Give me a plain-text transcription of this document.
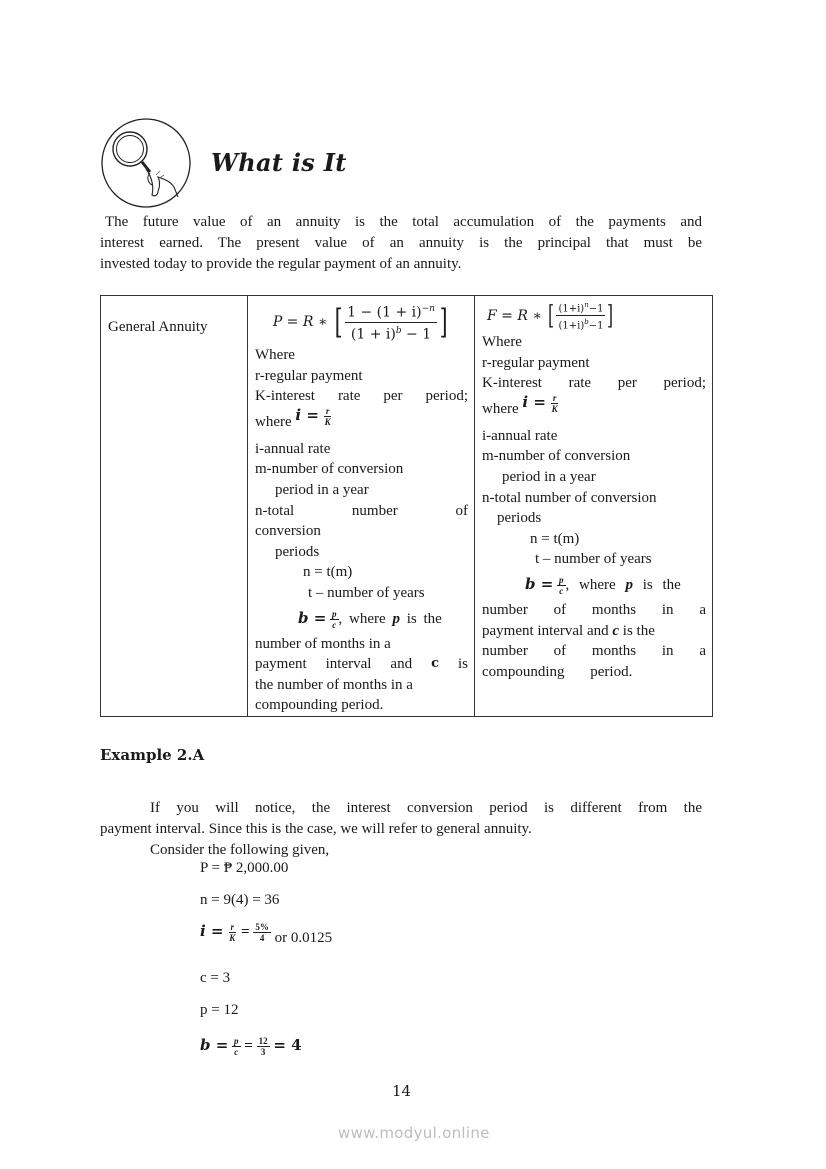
What is It
The future value of an annuity is the total accumulation of the payments and
interest earned. The present value of an annuity is the principal that must be
invested today to provide the regular payment of an annuity.
General Annuity	P = R ∗ [ $\frac{1 - (1 + i)^{-n}}{(1 + i)^b - 1}$ ]
Where
r-regular payment
K-interest rate per period;
where $i = \frac{r}{K}$
i-annual rate
m-number of conversion
period in a year
n-total	number	of
conversion
periods
n = t(m)
t – number of years
$b = \frac{p}{c}$ , where p is the
number of months in a
payment interval and c is
the number of months in a
compounding period.

F = R ∗ [ $\frac{(1+i)^n-1}{(1+i)^b-1}$ ]
Where
r-regular payment
K-interest rate per period;
where $i = \frac{r}{K}$
i-annual rate
m-number of conversion
period in a year
n-total number of conversion
periods
n = t(m)
t – number of years
$b = \frac{p}{c}$ , where p is the
number of months in a
payment interval and c is the
number of months in a
compounding period.
Example 2.A
If you will notice, the interest conversion period is different from the
payment interval. Since this is the case, we will refer to general annuity.
Consider the following given,
P = ₱ 2,000.00
n = 9(4) = 36
$i = \frac{r}{K} = \frac{5\%}{4}$ or 0.0125
c = 3
p = 12
$b = \frac{p}{c} = \frac{12}{3} = 4$
14
www.modyul.online
